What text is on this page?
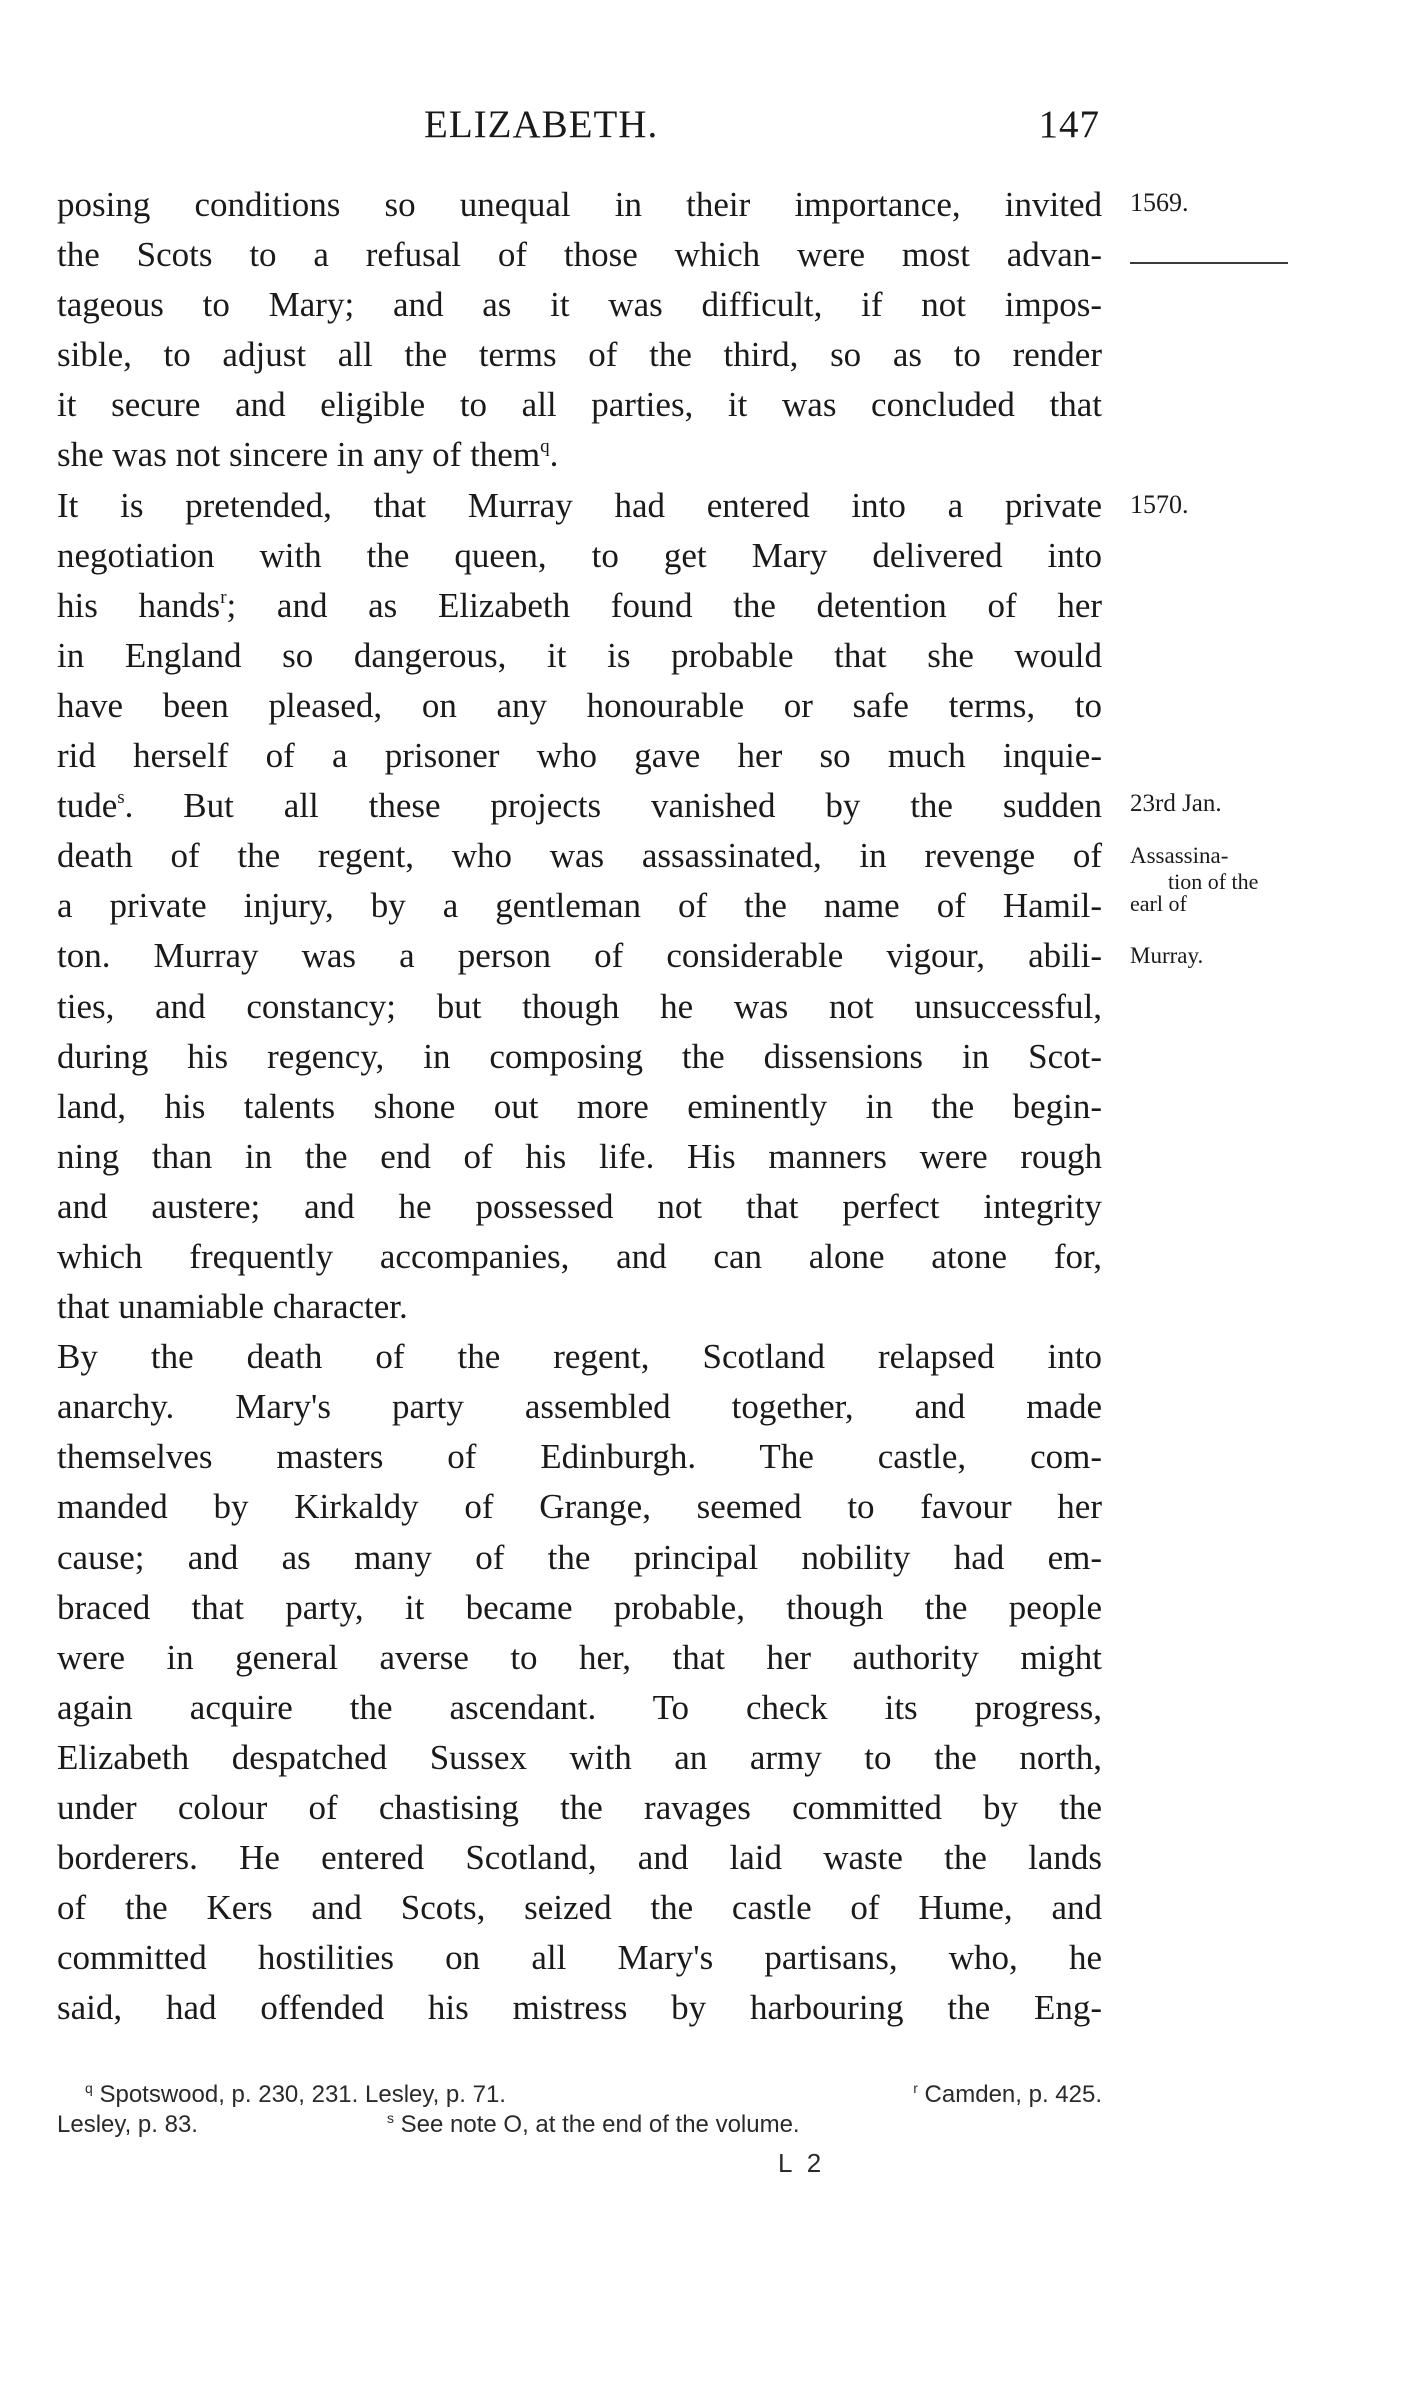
ELIZABETH.	147
posing conditions so unequal in their importance, invited
the Scots to a refusal of those which were most advan-
tageous to Mary; and as it was difficult, if not impos-
sible, to adjust all the terms of the third, so as to render
it secure and eligible to all parties, it was concluded that
she was not sincere in any of them$^q$.
It is pretended, that Murray had entered into a private
negotiation with the queen, to get Mary delivered into
his hands$^r$; and as Elizabeth found the detention of her
in England so dangerous, it is probable that she would
have been pleased, on any honourable or safe terms, to
rid herself of a prisoner who gave her so much inquie-
tude$^s$. But all these projects vanished by the sudden
death of the regent, who was assassinated, in revenge of
a private injury, by a gentleman of the name of Hamil-
ton. Murray was a person of considerable vigour, abili-
ties, and constancy; but though he was not unsuccessful,
during his regency, in composing the dissensions in Scot-
land, his talents shone out more eminently in the begin-
ning than in the end of his life. His manners were rough
and austere; and he possessed not that perfect integrity
which frequently accompanies, and can alone atone for,
that unamiable character.
By the death of the regent, Scotland relapsed into
anarchy. Mary's party assembled together, and made
themselves masters of Edinburgh. The castle, com-
manded by Kirkaldy of Grange, seemed to favour her
cause; and as many of the principal nobility had em-
braced that party, it became probable, though the people
were in general averse to her, that her authority might
again acquire the ascendant. To check its progress,
Elizabeth despatched Sussex with an army to the north,
under colour of chastising the ravages committed by the
borderers. He entered Scotland, and laid waste the lands
of the Kers and Scots, seized the castle of Hume, and
committed hostilities on all Mary's partisans, who, he
said, had offended his mistress by harbouring the Eng-
1569.
1570.
23rd Jan.
Assassina-
tion of the
earl of
Murray.
$^q$ Spotswood, p. 230, 231. Lesley, p. 71.	$^r$ Camden, p. 425.
Lesley, p. 83.	$^s$ See note O, at the end of the volume.
L 2
